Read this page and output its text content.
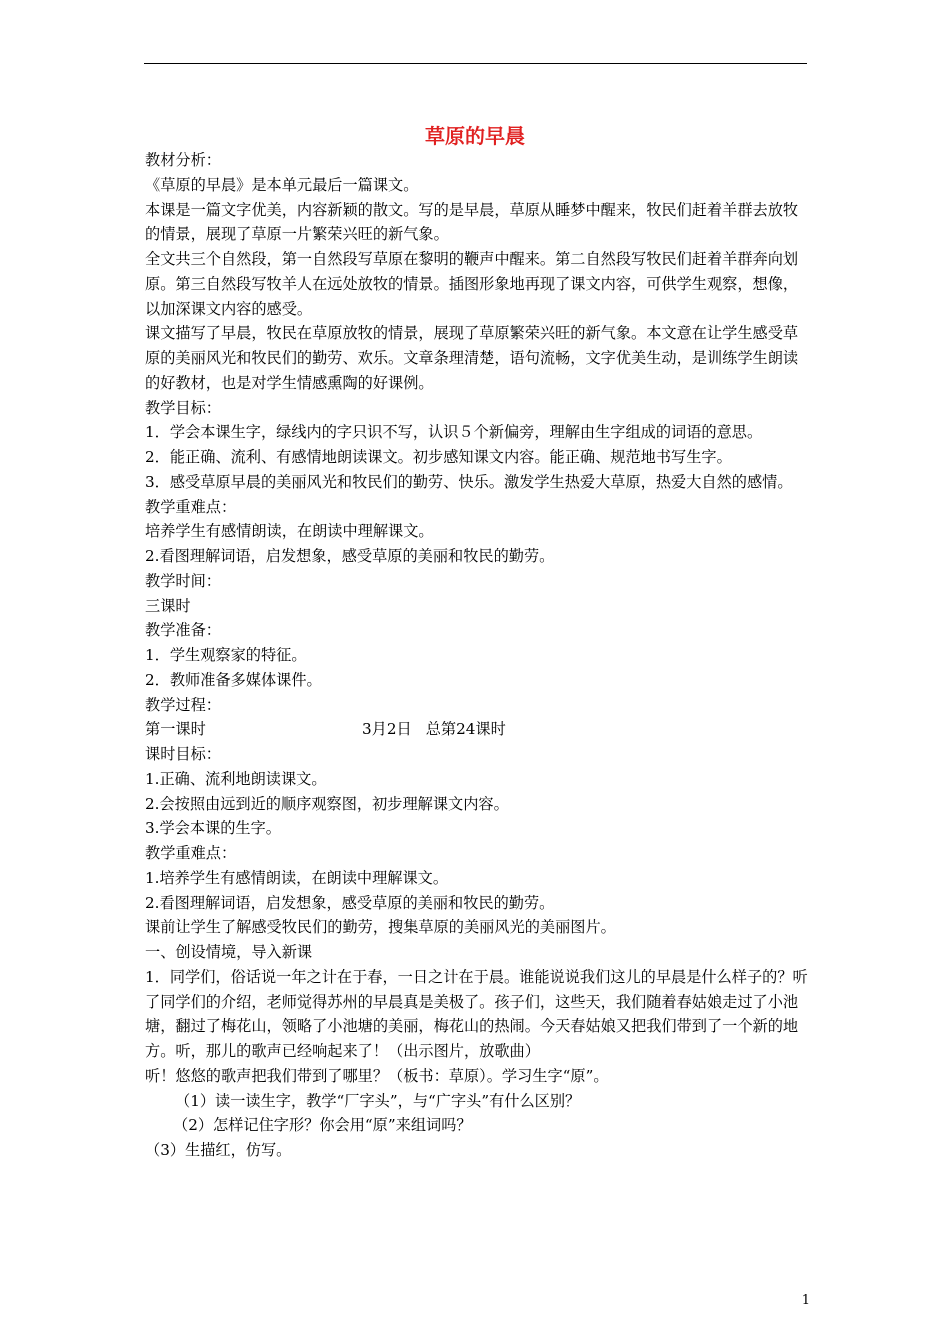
草原的早晨

教材分析：

《草原的早晨》是本单元最后一篇课文。

本课是一篇文字优美，内容新颖的散文。写的是早晨，草原从睡梦中醒来，牧民们赶着羊群去放牧的情景，展现了草原一片繁荣兴旺的新气象。

全文共三个自然段，第一自然段写草原在黎明的鞭声中醒来。第二自然段写牧民们赶着羊群奔向划原。第三自然段写牧羊人在远处放牧的情景。插图形象地再现了课文内容，可供学生观察，想像，以加深课文内容的感受。

课文描写了早晨，牧民在草原放牧的情景，展现了草原繁荣兴旺的新气象。本文意在让学生感受草原的美丽风光和牧民们的勤劳、欢乐。文章条理清楚，语句流畅，文字优美生动，是训练学生朗读的好教材，也是对学生情感熏陶的好课例。

教学目标：

1．学会本课生字，绿线内的字只识不写，认识５个新偏旁，理解由生字组成的词语的意思。

2．能正确、流利、有感情地朗读课文。初步感知课文内容。能正确、规范地书写生字。

3．感受草原早晨的美丽风光和牧民们的勤劳、快乐。激发学生热爱大草原，热爱大自然的感情。

教学重难点：

培养学生有感情朗读，在朗读中理解课文。

2.看图理解词语，启发想象，感受草原的美丽和牧民的勤劳。

教学时间：

三课时

教学准备：

1．学生观察家的特征。

2．教师准备多媒体课件。

教学过程：

第一课时	3月2日 总第24课时

课时目标：

1.正确、流利地朗读课文。

2.会按照由远到近的顺序观察图，初步理解课文内容。

3.学会本课的生字。

教学重难点：

1.培养学生有感情朗读，在朗读中理解课文。

2.看图理解词语，启发想象，感受草原的美丽和牧民的勤劳。

课前让学生了解感受牧民们的勤劳，搜集草原的美丽风光的美丽图片。

一、创设情境，导入新课

1．同学们，俗话说一年之计在于春，一日之计在于晨。谁能说说我们这儿的早晨是什么样子的？听了同学们的介绍，老师觉得苏州的早晨真是美极了。孩子们，这些天，我们随着春姑娘走过了小池塘，翻过了梅花山，领略了小池塘的美丽，梅花山的热闹。今天春姑娘又把我们带到了一个新的地方。听，那儿的歌声已经响起来了！（出示图片，放歌曲）

听！悠悠的歌声把我们带到了哪里？（板书：草原）。学习生字“原”。

（1）读一读生字，教学“厂字头”，与“广字头”有什么区别？

（2）怎样记住字形？你会用“原”来组词吗？

（3）生描红，仿写。

1
